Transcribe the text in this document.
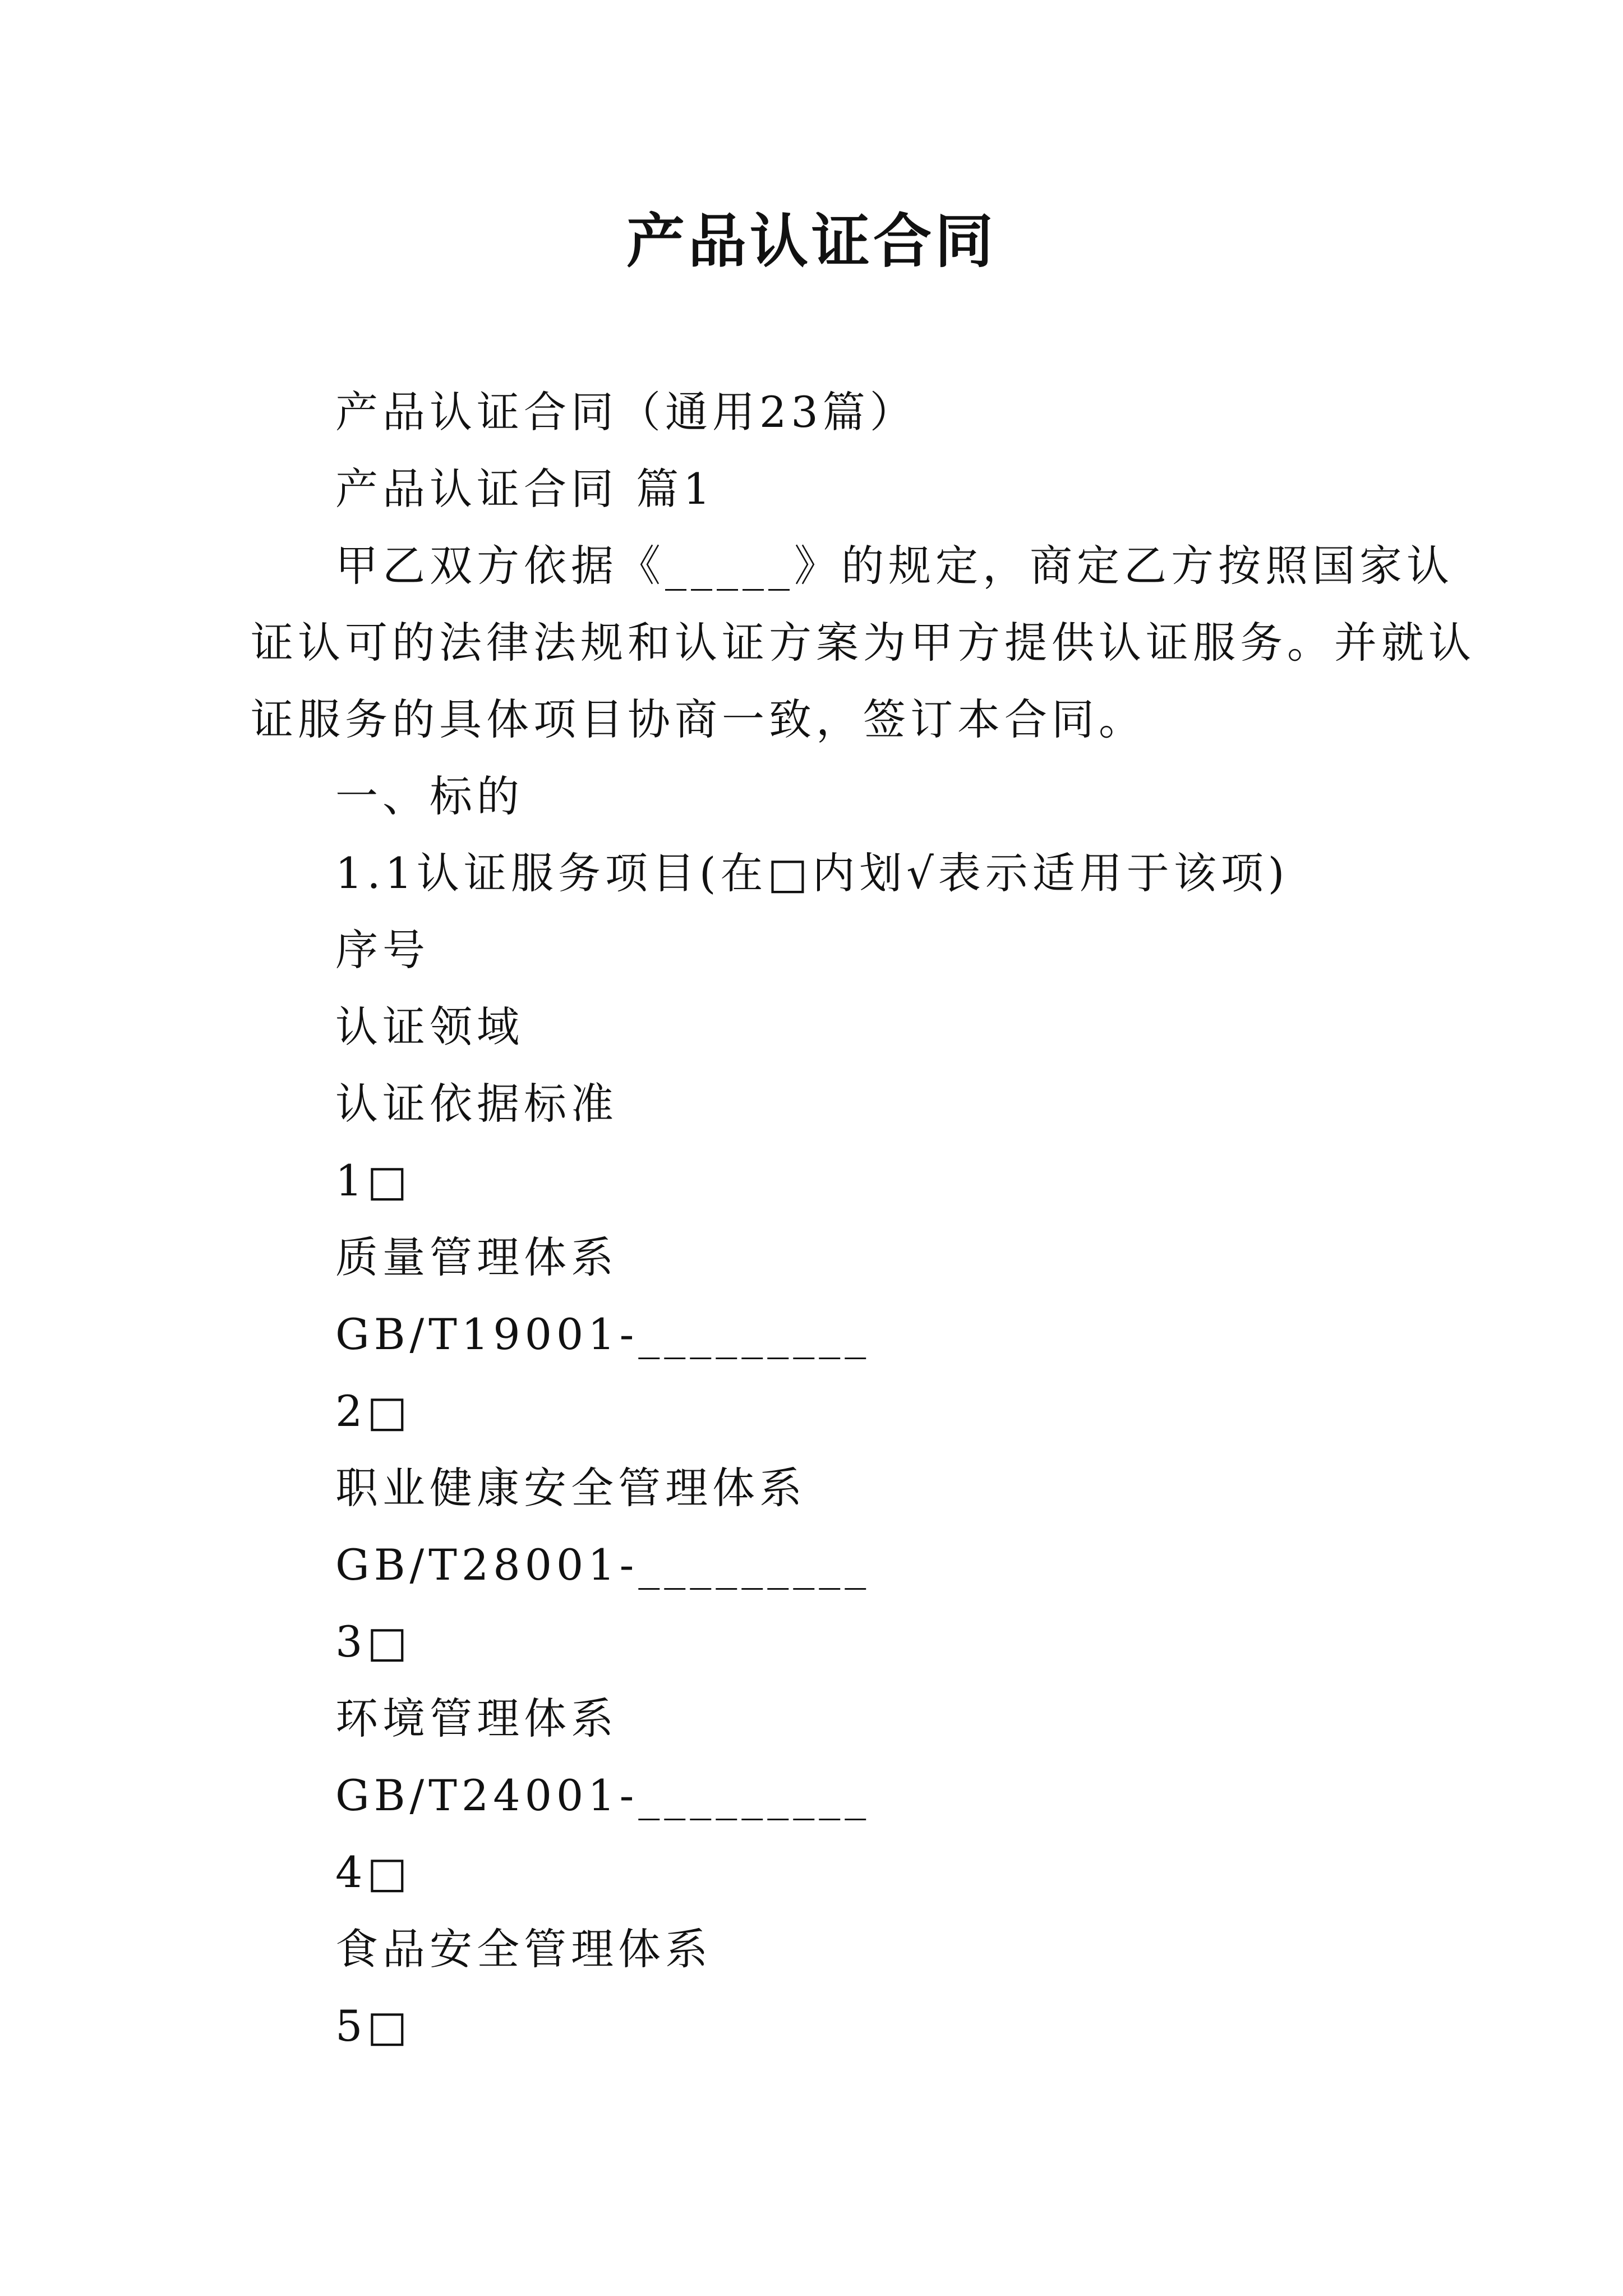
产品认证合同
产品认证合同（通用23篇）
产品认证合同 篇1
甲乙双方依据《_____》的规定，商定乙方按照国家认
证认可的法律法规和认证方案为甲方提供认证服务。并就认
证服务的具体项目协商一致，签订本合同。
一、标的
1.1认证服务项目(在□内划√表示适用于该项)
序号
认证领域
认证依据标准
1□
质量管理体系
GB/T19001-_________
2□
职业健康安全管理体系
GB/T28001-_________
3□
环境管理体系
GB/T24001-_________
4□
食品安全管理体系
5□
